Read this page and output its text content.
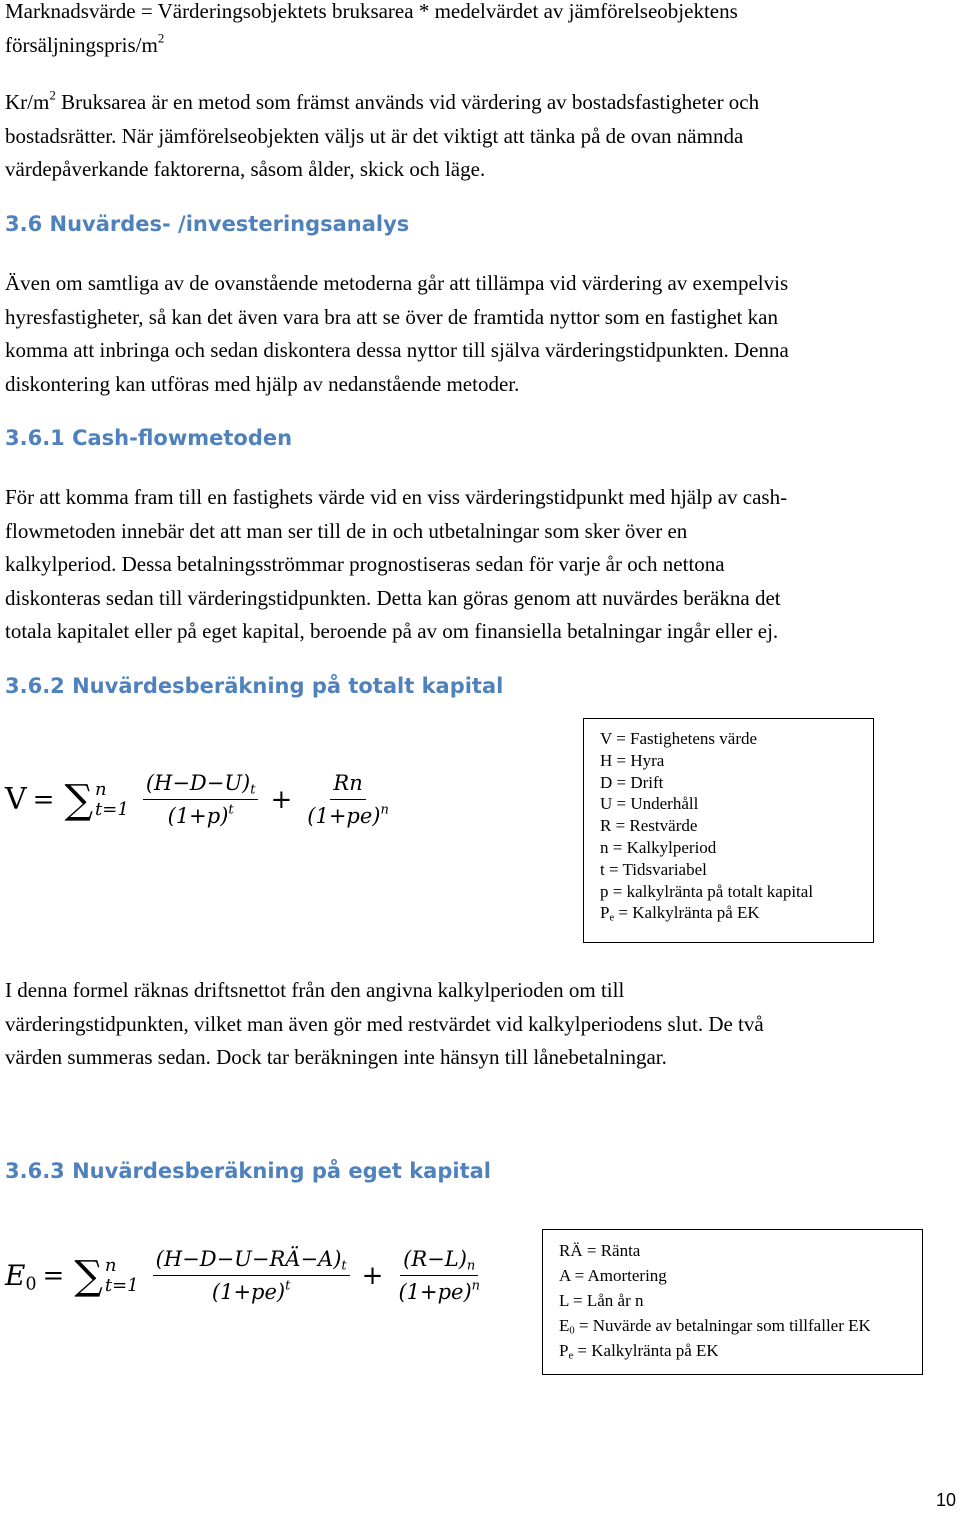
Marknadsvärde = Värderingsobjektets bruksarea * medelvärdet av jämförelseobjektens
försäljningspris/$m^2$

$Kr/m^2$ Bruksarea är en metod som främst används vid värdering av bostadsfastigheter och
bostadsrätter. När jämförelseobjekten väljs ut är det viktigt att tänka på de ovan nämnda
värdepåverkande faktorerna, såsom ålder, skick och läge.

3.6 Nuvärdes- /investeringsanalys

Även om samtliga av de ovanstående metoderna går att tillämpa vid värdering av exempelvis
hyresfastigheter, så kan det även vara bra att se över de framtida nyttor som en fastighet kan
komma att inbringa och sedan diskontera dessa nyttor till själva värderingstidpunkten. Denna
diskontering kan utföras med hjälp av nedanstående metoder.

3.6.1 Cash-flowmetoden

För att komma fram till en fastighets värde vid en viss värderingstidpunkt med hjälp av cash-
flowmetoden innebär det att man ser till de in och utbetalningar som sker över en
kalkylperiod. Dessa betalningsströmmar prognostiseras sedan för varje år och nettona
diskonteras sedan till värderingstidpunkten. Detta kan göras genom att nuvärdes beräkna det
totala kapitalet eller på eget kapital, beroende på av om finansiella betalningar ingår eller ej.

3.6.2 Nuvärdesberäkning på totalt kapital
V = ∑ n
$t=1 \frac{(H-D-U)_t}{(1+p)^t} + \frac{Rn}{(1+pe)^n}$
V = Fastighetens värde
H = Hyra
D = Drift
U = Underhåll
R = Restvärde
n = Kalkylperiod
t = Tidsvariabel
p = kalkylränta på totalt kapital
$P_e$ = Kalkylränta på EK

I denna formel räknas driftsnettot från den angivna kalkylperioden om till
värderingstidpunkten, vilket man även gör med restvärdet vid kalkylperiodens slut. De två
värden summeras sedan. Dock tar beräkningen inte hänsyn till lånebetalningar.

3.6.3 Nuvärdesberäkning på eget kapital
$E_0$ = ∑ n
$t=1 \frac{(H-D-U-RÄ-A)_t}{(1+pe)^t} + \frac{(R-L)_n}{(1+pe)^n}$	RÄ = Ränta
A = Amortering
L = Lån år n
$E_0$ = Nuvärde av betalningar som tillfaller EK
$P_e$ = Kalkylränta på EK
10
